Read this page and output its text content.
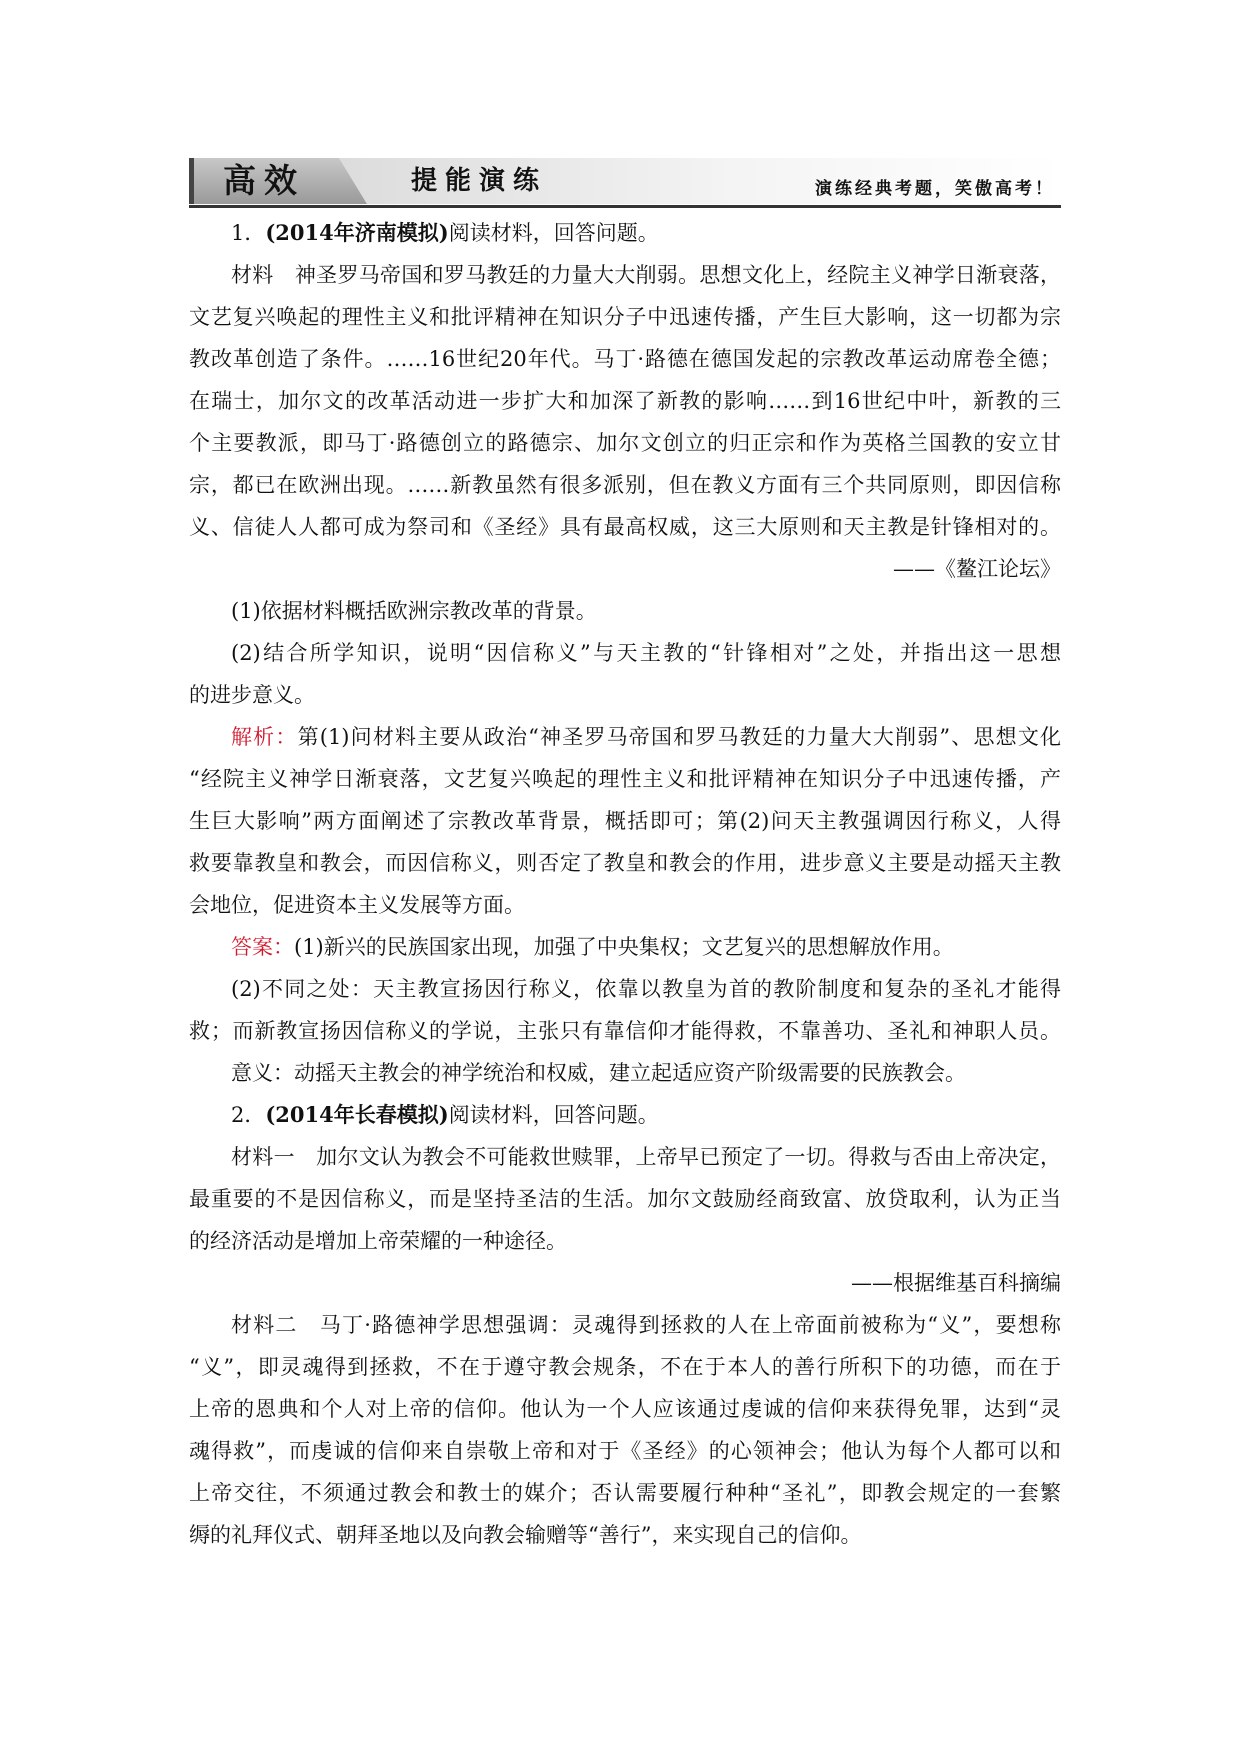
高效	提能演练	演练经典考题，笑傲高考！
1．(2014年济南模拟)阅读材料，回答问题。
材料　 神圣罗马帝国和罗马教廷的力量大大削弱。思想文化上，经院主义神学日渐衰落，
文艺复兴唤起的理性主义和批评精神在知识分子中迅速传播，产生巨大影响，这一切都为宗
教改革创造了条件。……16世纪20年代。马丁·路德在德国发起的宗教改革运动席卷全德；
在瑞士，加尔文的改革活动进一步扩大和加深了新教的影响……到16世纪中叶，新教的三
个主要教派，即马丁·路德创立的路德宗、加尔文创立的归正宗和作为英格兰国教的安立甘
宗，都已在欧洲出现。……新教虽然有很多派别，但在教义方面有三个共同原则，即因信称
义、信徒人人都可成为祭司和《圣经》具有最高权威，这三大原则和天主教是针锋相对的。
——《鳌江论坛》
(1)依据材料概括欧洲宗教改革的背景。
(2)结合所学知识，说明“因信称义”与天主教的“针锋相对”之处，并指出这一思想
的进步意义。
解析：第(1)问材料主要从政治“神圣罗马帝国和罗马教廷的力量大大削弱”、思想文化
“经院主义神学日渐衰落，文艺复兴唤起的理性主义和批评精神在知识分子中迅速传播，产
生巨大影响”两方面阐述了宗教改革背景，概括即可；第(2)问天主教强调因行称义，人得
救要靠教皇和教会，而因信称义，则否定了教皇和教会的作用，进步意义主要是动摇天主教
会地位，促进资本主义发展等方面。
答案：(1)新兴的民族国家出现，加强了中央集权；文艺复兴的思想解放作用。
(2)不同之处：天主教宣扬因行称义，依靠以教皇为首的教阶制度和复杂的圣礼才能得
救；而新教宣扬因信称义的学说，主张只有靠信仰才能得救，不靠善功、圣礼和神职人员。
意义：动摇天主教会的神学统治和权威，建立起适应资产阶级需要的民族教会。
2．(2014年长春模拟)阅读材料，回答问题。
材料一　 加尔文认为教会不可能救世赎罪，上帝早已预定了一切。得救与否由上帝决定，
最重要的不是因信称义，而是坚持圣洁的生活。加尔文鼓励经商致富、放贷取利，认为正当
的经济活动是增加上帝荣耀的一种途径。
——根据维基百科摘编
材料二　 马丁·路德神学思想强调：灵魂得到拯救的人在上帝面前被称为“义”，要想称
“义”，即灵魂得到拯救，不在于遵守教会规条，不在于本人的善行所积下的功德，而在于
上帝的恩典和个人对上帝的信仰。他认为一个人应该通过虔诚的信仰来获得免罪，达到“灵
魂得救”，而虔诚的信仰来自崇敬上帝和对于《圣经》的心领神会；他认为每个人都可以和
上帝交往，不须通过教会和教士的媒介；否认需要履行种种“圣礼”，即教会规定的一套繁
缛的礼拜仪式、朝拜圣地以及向教会输赠等“善行”，来实现自己的信仰。
